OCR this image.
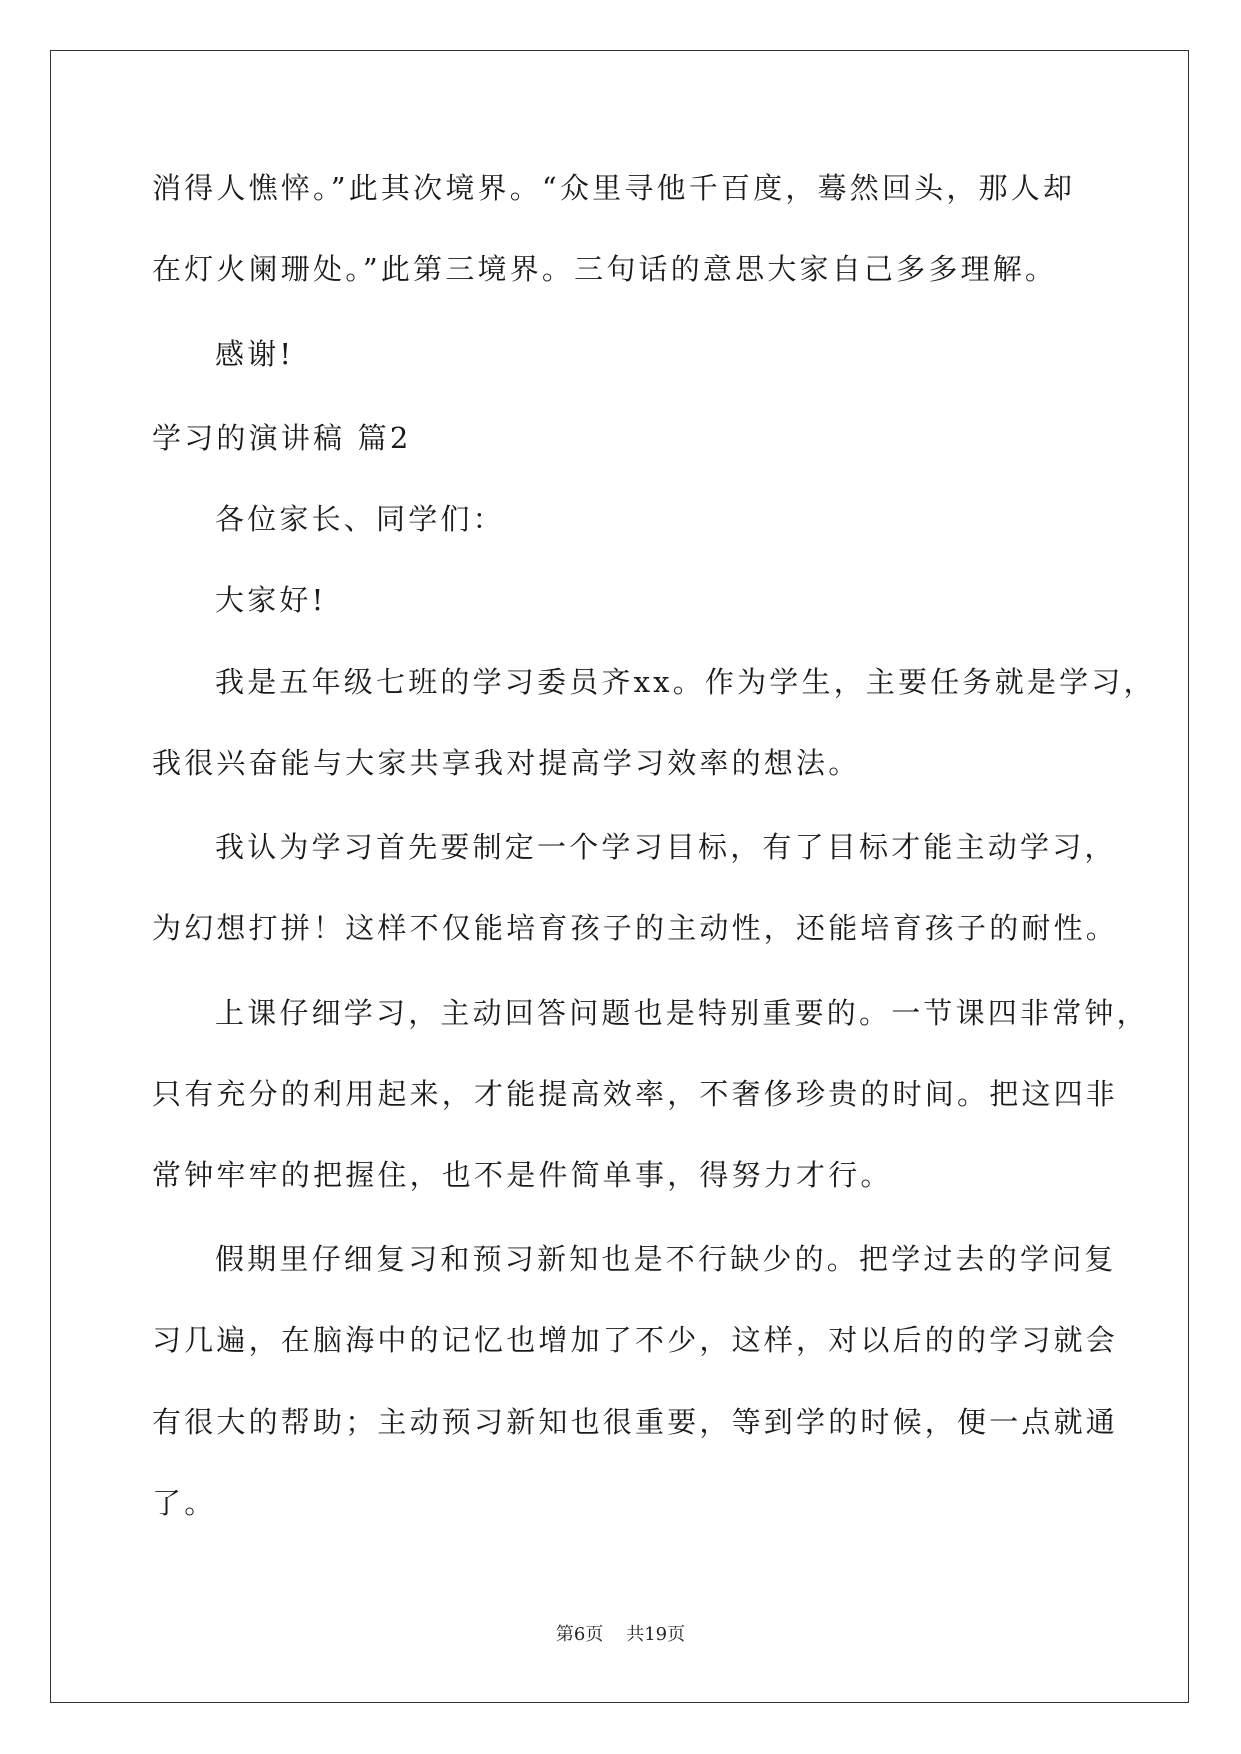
消得人憔悴。”此其次境界。“众里寻他千百度，蓦然回头，那人却
在灯火阑珊处。”此第三境界。三句话的意思大家自己多多理解。
感谢!
学习的演讲稿 篇2
各位家长、同学们：
大家好!
我是五年级七班的学习委员齐xx。作为学生，主要任务就是学习，
我很兴奋能与大家共享我对提高学习效率的想法。
我认为学习首先要制定一个学习目标，有了目标才能主动学习，
为幻想打拼！这样不仅能培育孩子的主动性，还能培育孩子的耐性。
上课仔细学习，主动回答问题也是特别重要的。一节课四非常钟，
只有充分的利用起来，才能提高效率，不奢侈珍贵的时间。把这四非
常钟牢牢的把握住，也不是件简单事，得努力才行。
假期里仔细复习和预习新知也是不行缺少的。把学过去的学问复
习几遍，在脑海中的记忆也增加了不少，这样，对以后的的学习就会
有很大的帮助；主动预习新知也很重要，等到学的时候，便一点就通
了。
第6页 共19页
